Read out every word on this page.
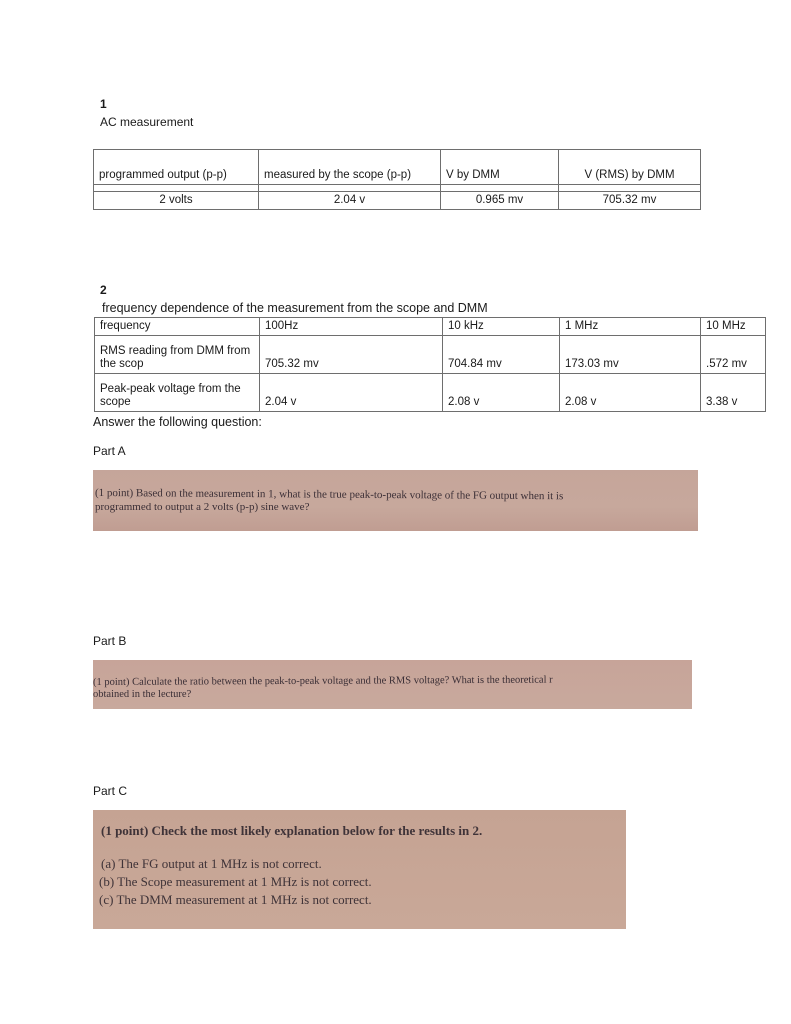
1
AC measurement
programmed output (p-p)	measured by the scope (p-p)	V by DMM	V (RMS) by DMM

2 volts	2.04 v	0.965 mv	705.32 mv
2
frequency dependence of the measurement from the scope and DMM
frequency	100Hz	10 kHz	1 MHz	10 MHz
RMS reading from DMM from the scop	705.32 mv	704.84 mv	173.03 mv	.572 mv
Peak-peak voltage from the scope	2.04 v	2.08 v	2.08 v	3.38 v
Answer the following question:
Part A
(1 point) Based on the measurement in 1, what is the true peak-to-peak voltage of the FG output when it is
programmed to output a 2 volts (p-p) sine wave?
Part B
(1 point) Calculate the ratio between the peak-to-peak voltage and the RMS voltage? What is the theoretical r
obtained in the lecture?
Part C
(1 point) Check the most likely explanation below for the results in 2.
(a) The FG output at 1 MHz is not correct.
(b) The Scope measurement at 1 MHz is not correct.
(c) The DMM measurement at 1 MHz is not correct.
